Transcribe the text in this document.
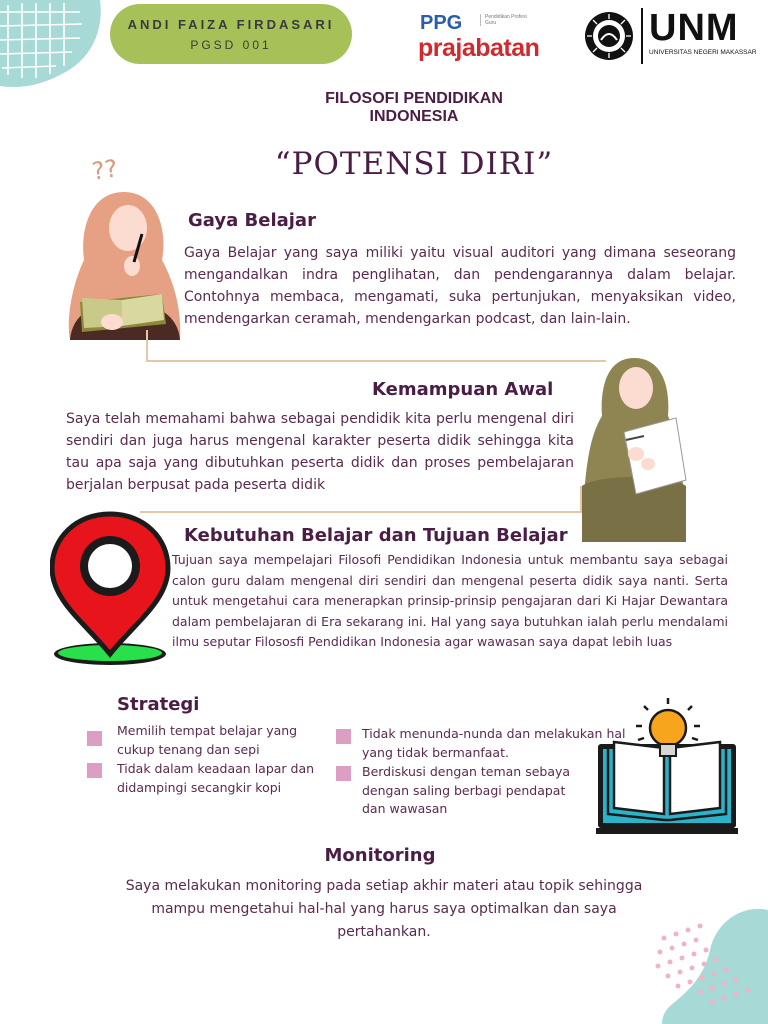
ANDI FAIZA FIRDASARI
PGSD 001
PPG	Pendidikan Profesi Guru
prajabatan	UNM
UNIVERSITAS NEGERI MAKASSAR
FILOSOFI PENDIDIKAN
INDONESIA
“POTENSI DIRI”
??
Gaya Belajar
Gaya Belajar yang saya miliki yaitu visual auditori yang dimana seseorang mengandalkan indra penglihatan, dan pendengarannya dalam belajar. Contohnya membaca, mengamati, suka pertunjukan, menyaksikan video, mendengarkan ceramah, mendengarkan podcast, dan lain-lain.
Kemampuan Awal
Saya telah memahami bahwa sebagai pendidik kita perlu mengenal diri sendiri dan juga harus mengenal karakter peserta didik sehingga kita tau apa saja yang dibutuhkan peserta didik dan proses pembelajaran berjalan berpusat pada peserta didik
Kebutuhan Belajar dan Tujuan Belajar
Tujuan saya mempelajari Filosofi Pendidikan Indonesia untuk membantu saya sebagai calon guru dalam mengenal diri sendiri dan mengenal peserta didik saya nanti. Serta untuk mengetahui cara menerapkan prinsip-prinsip pengajaran dari Ki Hajar Dewantara dalam pembelajaran di Era sekarang ini. Hal yang saya butuhkan ialah perlu mendalami ilmu seputar Filososfi Pendidikan Indonesia agar wawasan saya dapat lebih luas
Strategi
Memilih tempat belajar yang cukup tenang dan sepi
Tidak dalam keadaan lapar dan didampingi secangkir kopi
Tidak menunda-nunda dan melakukan hal yang tidak bermanfaat.
Berdiskusi dengan teman sebaya dengan saling berbagi pendapat dan wawasan
Monitoring
Saya melakukan monitoring pada setiap akhir materi atau topik sehingga mampu mengetahui hal-hal yang harus saya optimalkan dan saya pertahankan.
